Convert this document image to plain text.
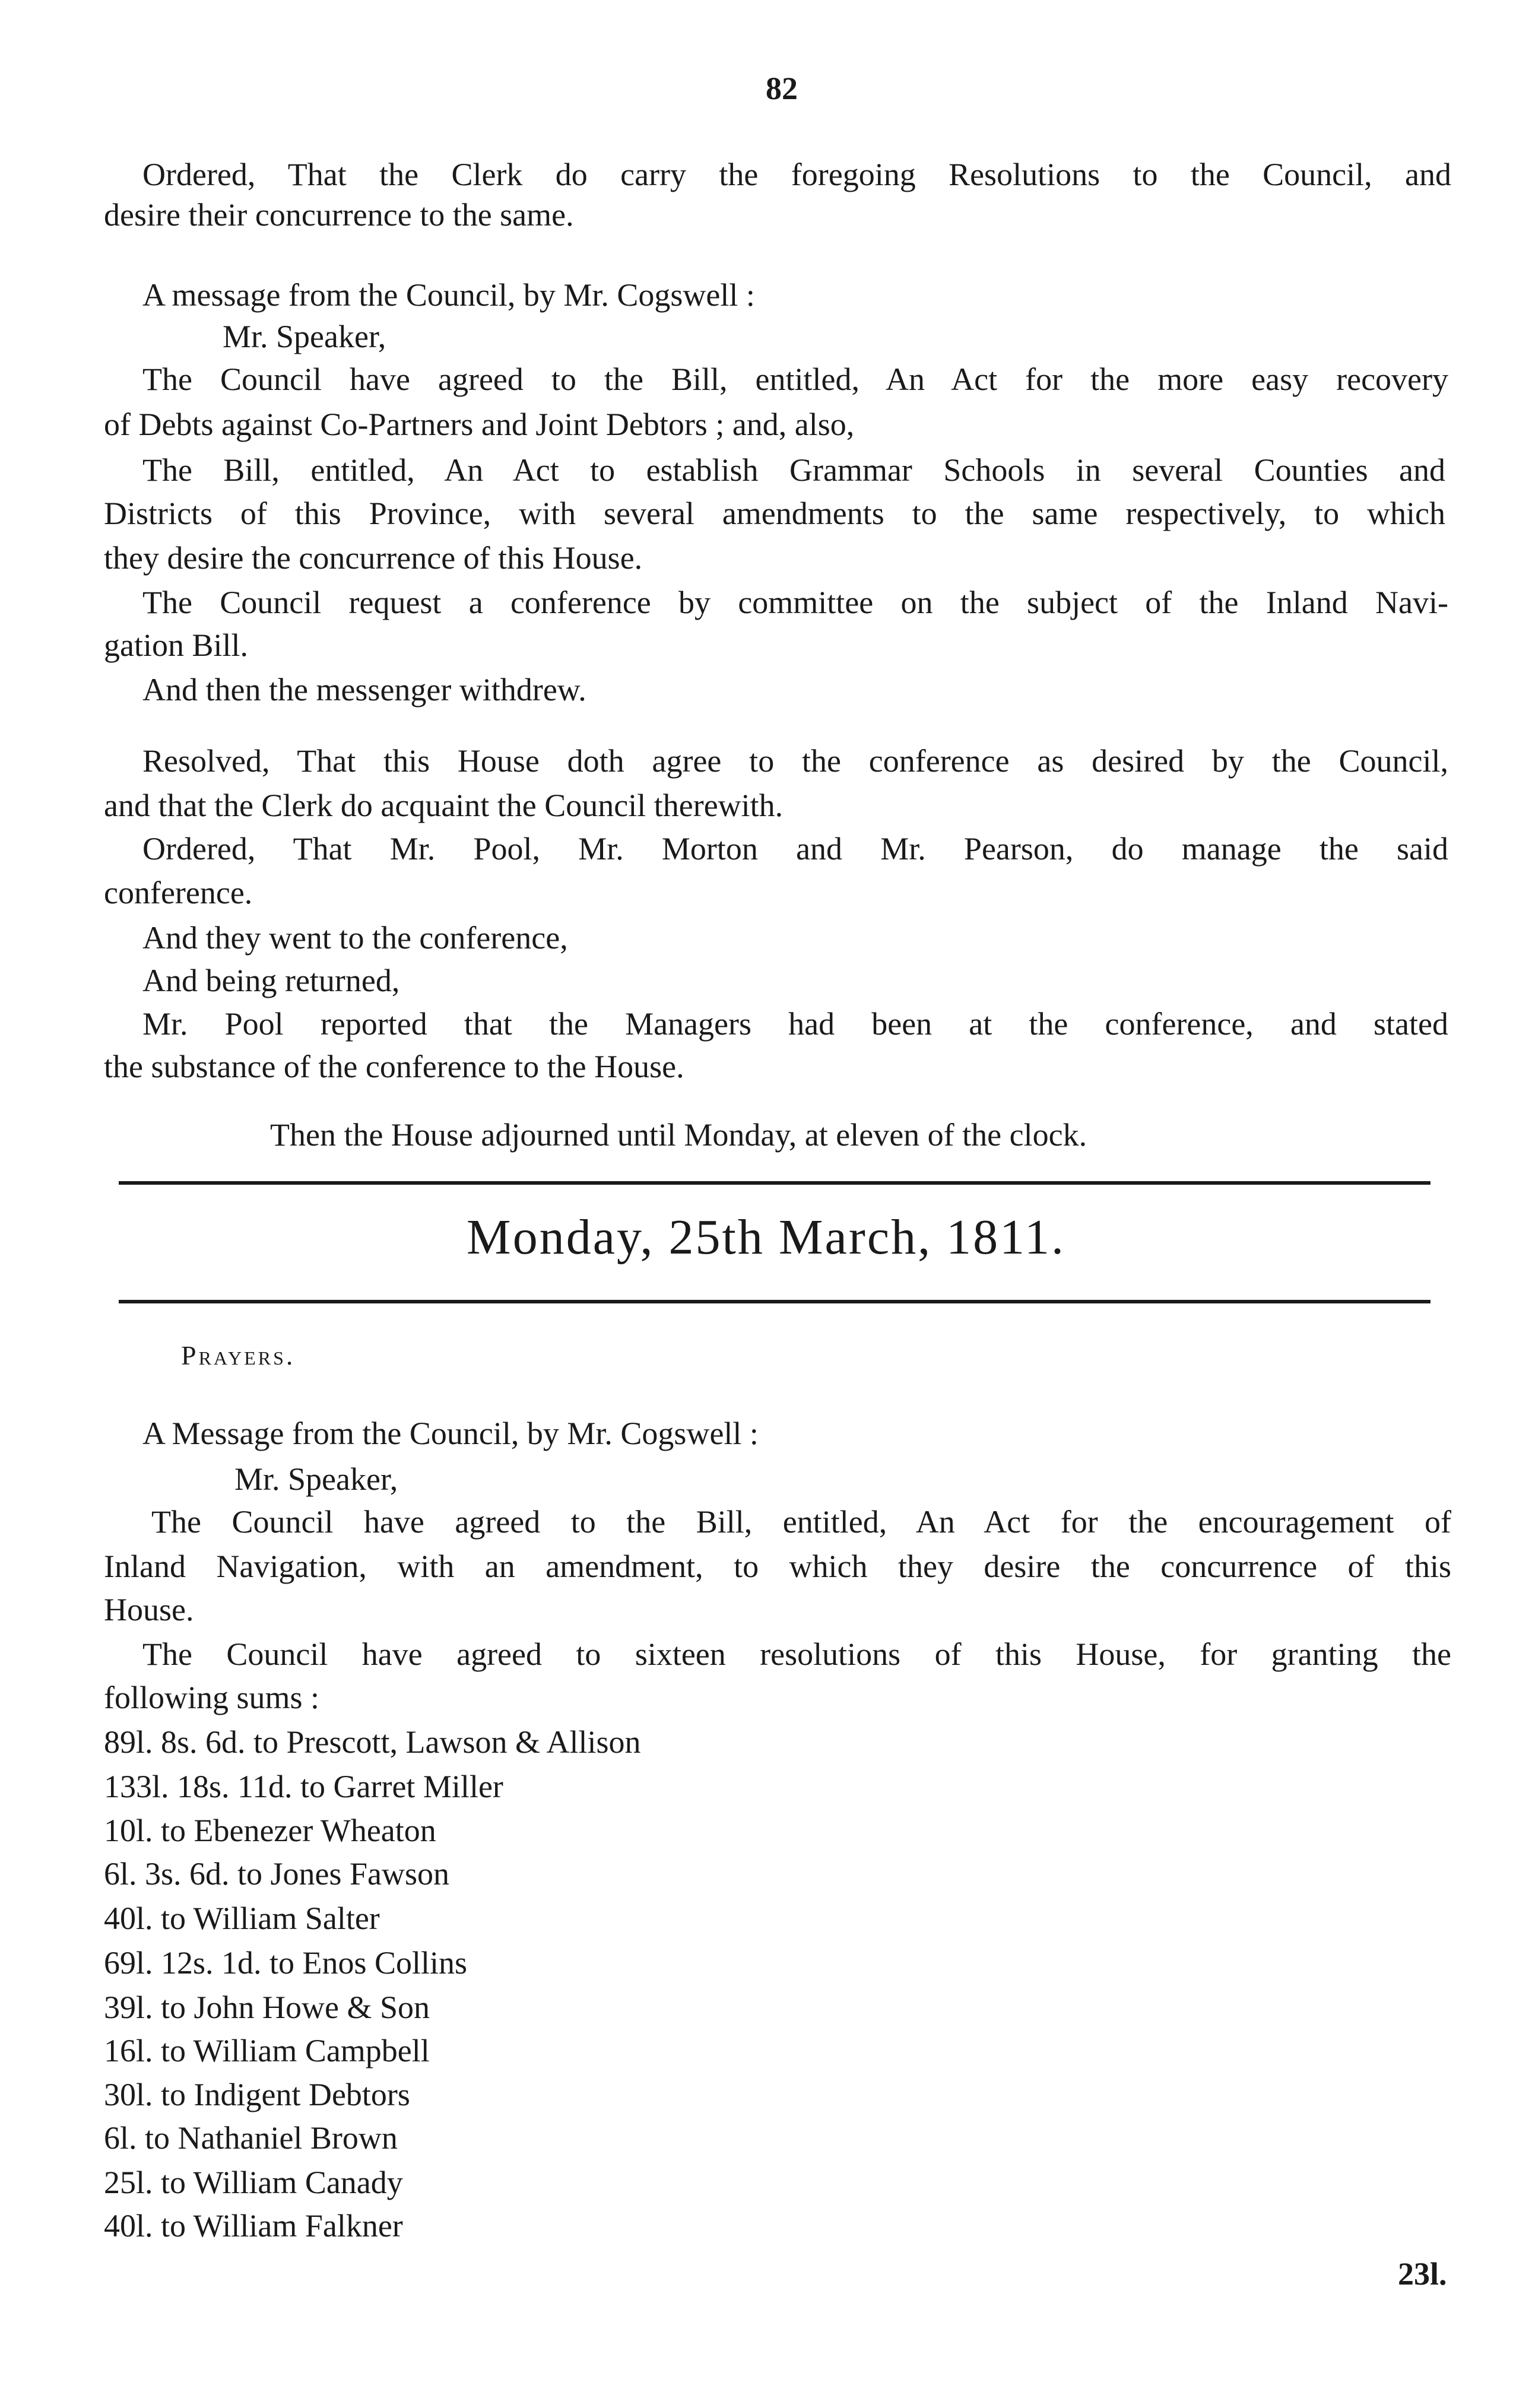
82
Ordered, That the Clerk do carry the foregoing Resolutions to the Council, and
desire their concurrence to the same.
A message from the Council, by Mr. Cogswell :
Mr. Speaker,
The Council have agreed to the Bill, entitled, An Act for the more easy recovery
of Debts against Co-Partners and Joint Debtors ; and, also,
The Bill, entitled, An Act to establish Grammar Schools in several Counties and
Districts of this Province, with several amendments to the same respectively, to which
they desire the concurrence of this House.
The Council request a conference by committee on the subject of the Inland Navi-
gation Bill.
And then the messenger withdrew.
Resolved, That this House doth agree to the conference as desired by the Council,
and that the Clerk do acquaint the Council therewith.
Ordered, That Mr. Pool, Mr. Morton and Mr. Pearson, do manage the said
conference.
And they went to the conference,
And being returned,
Mr. Pool reported that the Managers had been at the conference, and stated
the substance of the conference to the House.
Then the House adjourned until Monday, at eleven of the clock.
Monday, 25th March, 1811.
Prayers.
A Message from the Council, by Mr. Cogswell :
Mr. Speaker,
The Council have agreed to the Bill, entitled, An Act for the encouragement of
Inland Navigation, with an amendment, to which they desire the concurrence of this
House.
The Council have agreed to sixteen resolutions of this House, for granting the
following sums :
89l. 8s. 6d. to Prescott, Lawson & Allison
133l. 18s. 11d. to Garret Miller
10l. to Ebenezer Wheaton
6l. 3s. 6d. to Jones Fawson
40l. to William Salter
69l. 12s. 1d. to Enos Collins
39l. to John Howe & Son
16l. to William Campbell
30l. to Indigent Debtors
6l. to Nathaniel Brown
25l. to William Canady
40l. to William Falkner
23l.
